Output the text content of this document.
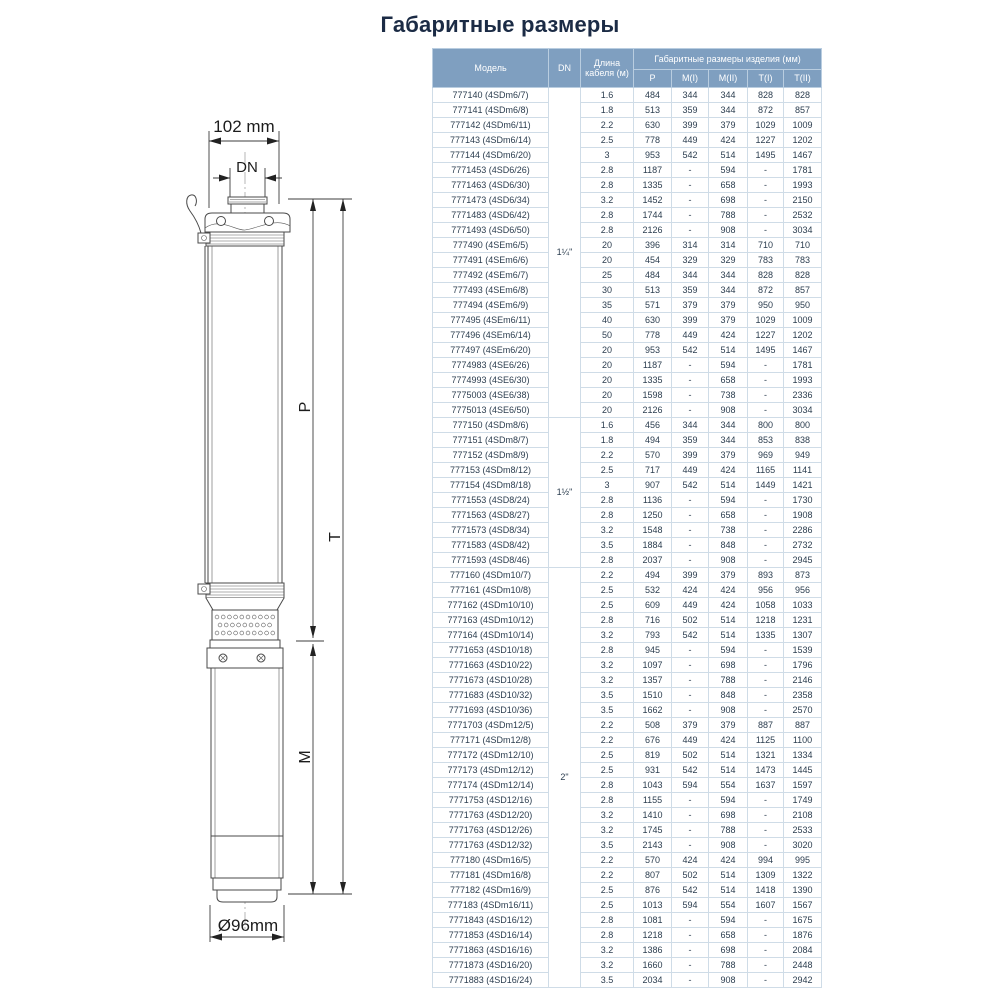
Габаритные размеры
102 mm
DN
Ø96mm
P
M
T
Модель	DN	Длина кабеля (м)	Габаритные размеры изделия (мм)				
			P	M(I)	M(II)	T(I)	T(II)
777140 (4SDm6/7)	1¼"	1.6	484	344	344	828	828
777141 (4SDm6/8)		1.8	513	359	344	872	857
777142 (4SDm6/11)		2.2	630	399	379	1029	1009
777143 (4SDm6/14)		2.5	778	449	424	1227	1202
777144 (4SDm6/20)		3	953	542	514	1495	1467
7771453 (4SD6/26)		2.8	1187	-	594	-	1781
7771463 (4SD6/30)		2.8	1335	-	658	-	1993
7771473 (4SD6/34)		3.2	1452	-	698	-	2150
7771483 (4SD6/42)		2.8	1744	-	788	-	2532
7771493 (4SD6/50)		2.8	2126	-	908	-	3034
777490 (4SEm6/5)		20	396	314	314	710	710
777491 (4SEm6/6)		20	454	329	329	783	783
777492 (4SEm6/7)		25	484	344	344	828	828
777493 (4SEm6/8)		30	513	359	344	872	857
777494 (4SEm6/9)		35	571	379	379	950	950
777495 (4SEm6/11)		40	630	399	379	1029	1009
777496 (4SEm6/14)		50	778	449	424	1227	1202
777497 (4SEm6/20)		20	953	542	514	1495	1467
7774983 (4SE6/26)		20	1187	-	594	-	1781
7774993 (4SE6/30)		20	1335	-	658	-	1993
7775003 (4SE6/38)		20	1598	-	738	-	2336
7775013 (4SE6/50)		20	2126	-	908	-	3034
777150 (4SDm8/6)	1½"	1.6	456	344	344	800	800
777151 (4SDm8/7)		1.8	494	359	344	853	838
777152 (4SDm8/9)		2.2	570	399	379	969	949
777153 (4SDm8/12)		2.5	717	449	424	1165	1141
777154 (4SDm8/18)		3	907	542	514	1449	1421
7771553 (4SD8/24)		2.8	1136	-	594	-	1730
7771563 (4SD8/27)		2.8	1250	-	658	-	1908
7771573 (4SD8/34)		3.2	1548	-	738	-	2286
7771583 (4SD8/42)		3.5	1884	-	848	-	2732
7771593 (4SD8/46)		2.8	2037	-	908	-	2945
777160 (4SDm10/7)	2"	2.2	494	399	379	893	873
777161 (4SDm10/8)		2.5	532	424	424	956	956
777162 (4SDm10/10)		2.5	609	449	424	1058	1033
777163 (4SDm10/12)		2.8	716	502	514	1218	1231
777164 (4SDm10/14)		3.2	793	542	514	1335	1307
7771653 (4SD10/18)		2.8	945	-	594	-	1539
7771663 (4SD10/22)		3.2	1097	-	698	-	1796
7771673 (4SD10/28)		3.2	1357	-	788	-	2146
7771683 (4SD10/32)		3.5	1510	-	848	-	2358
7771693 (4SD10/36)		3.5	1662	-	908	-	2570
7771703 (4SDm12/5)		2.2	508	379	379	887	887
777171 (4SDm12/8)		2.2	676	449	424	1125	1100
777172 (4SDm12/10)		2.5	819	502	514	1321	1334
777173 (4SDm12/12)		2.5	931	542	514	1473	1445
777174 (4SDm12/14)		2.8	1043	594	554	1637	1597
7771753 (4SD12/16)		2.8	1155	-	594	-	1749
7771763 (4SD12/20)		3.2	1410	-	698	-	2108
7771763 (4SD12/26)		3.2	1745	-	788	-	2533
7771763 (4SD12/32)		3.5	2143	-	908	-	3020
777180 (4SDm16/5)		2.2	570	424	424	994	995
777181 (4SDm16/8)		2.2	807	502	514	1309	1322
777182 (4SDm16/9)		2.5	876	542	514	1418	1390
777183 (4SDm16/11)		2.5	1013	594	554	1607	1567
7771843 (4SD16/12)		2.8	1081	-	594	-	1675
7771853 (4SD16/14)		2.8	1218	-	658	-	1876
7771863 (4SD16/16)		3.2	1386	-	698	-	2084
7771873 (4SD16/20)		3.2	1660	-	788	-	2448
7771883 (4SD16/24)		3.5	2034	-	908	-	2942
